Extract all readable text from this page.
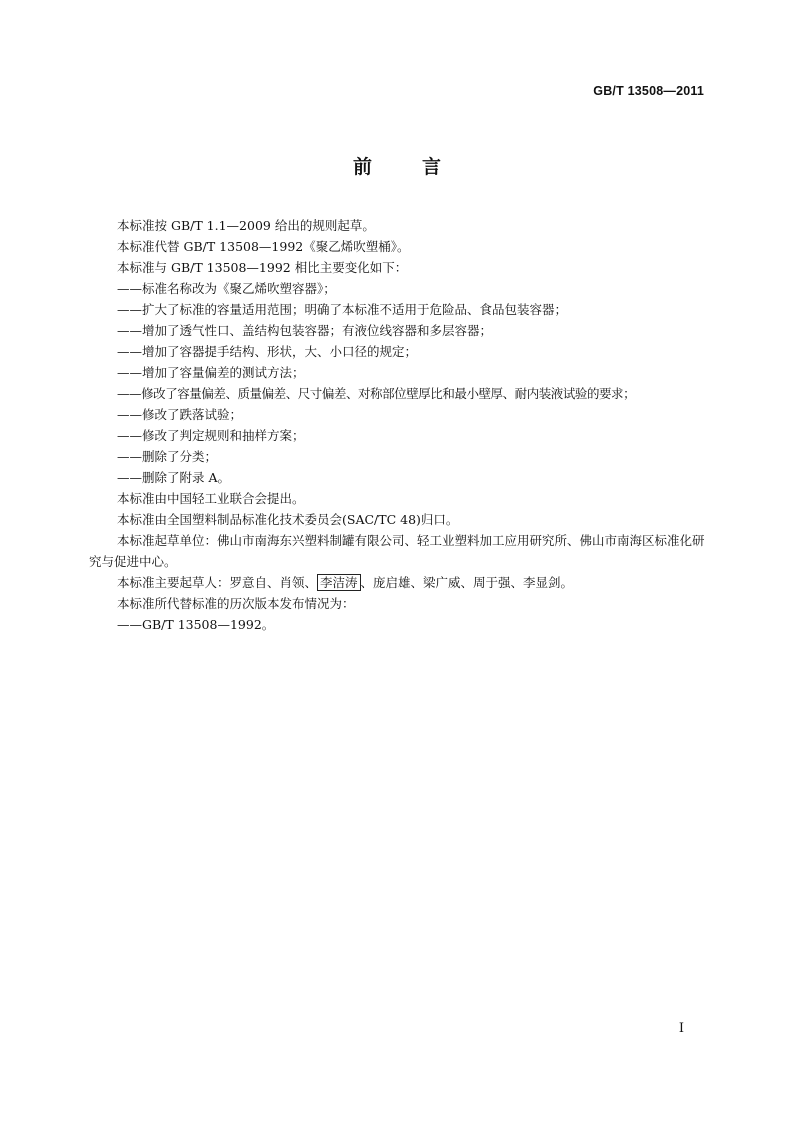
GB/T 13508—2011
前	言

本标准按 GB/T 1.1—2009 给出的规则起草。

本标准代替 GB/T 13508—1992《聚乙烯吹塑桶》。

本标准与 GB/T 13508—1992 相比主要变化如下：

——标准名称改为《聚乙烯吹塑容器》；

——扩大了标准的容量适用范围；明确了本标准不适用于危险品、食品包装容器；

——增加了透气性口、盖结构包装容器；有液位线容器和多层容器；

——增加了容器提手结构、形状，大、小口径的规定；

——增加了容量偏差的测试方法；

——修改了容量偏差、质量偏差、尺寸偏差、对称部位壁厚比和最小壁厚、耐内装液试验的要求；

——修改了跌落试验；

——修改了判定规则和抽样方案；

——删除了分类；

——删除了附录 A。

本标准由中国轻工业联合会提出。

本标准由全国塑料制品标准化技术委员会(SAC/TC 48)归口。

本标准起草单位：佛山市南海东兴塑料制罐有限公司、轻工业塑料加工应用研究所、佛山市南海区标准化研究与促进中心。

本标准主要起草人：罗意自、肖领、 李洁涛 、庞启雄、梁广威、周于强、李显剑。

本标准所代替标准的历次版本发布情况为：

——GB/T 13508—1992。

I
